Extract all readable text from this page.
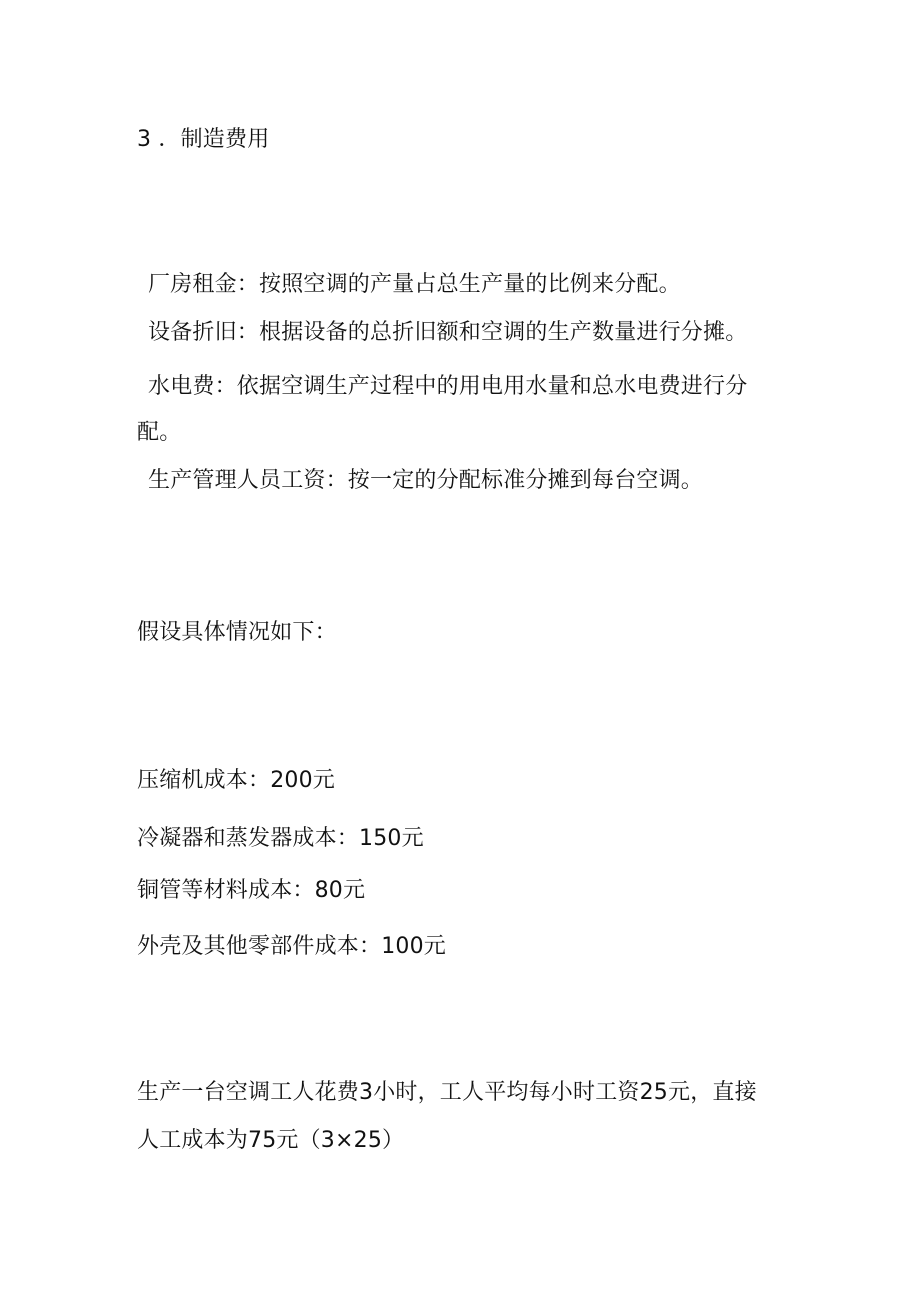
3 ．制造费用
厂房租金：按照空调的产量占总生产量的比例来分配。
设备折旧：根据设备的总折旧额和空调的生产数量进行分摊。
水电费：依据空调生产过程中的用电用水量和总水电费进行分
配。
生产管理人员工资：按一定的分配标准分摊到每台空调。
假设具体情况如下：
压缩机成本：200元
冷凝器和蒸发器成本：150元
铜管等材料成本：80元
外壳及其他零部件成本：100元
生产一台空调工人花费3小时，工人平均每小时工资25元，直接
人工成本为75元（3×25）
